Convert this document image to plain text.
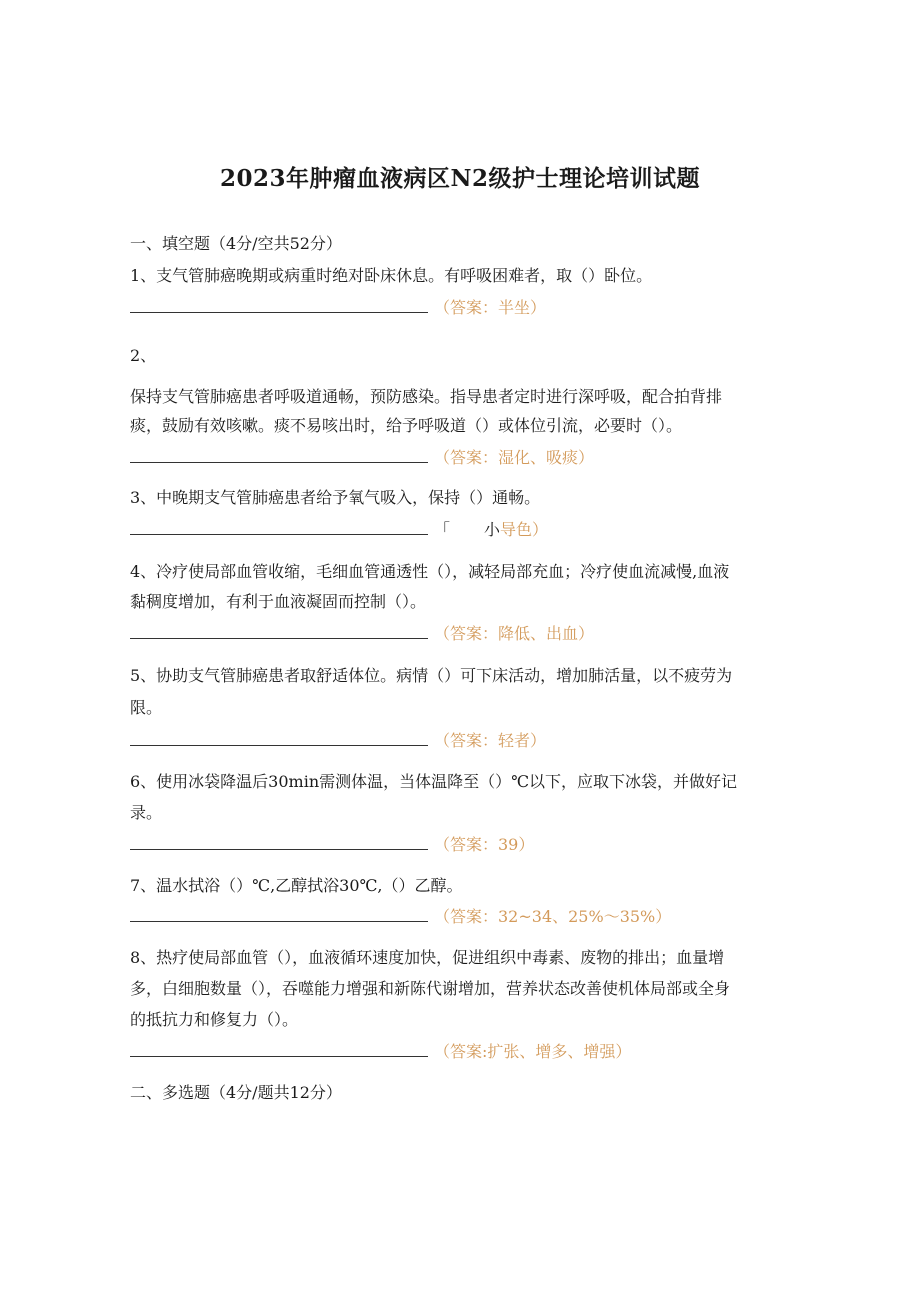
2023年肿瘤血液病区N2级护士理论培训试题
一、填空题（4分/空共52分）
1、支气管肺癌晚期或病重时绝对卧床休息。有呼吸困难者，取（）卧位。
（答案：半坐）
2、
保持支气管肺癌患者呼吸道通畅，预防感染。指导患者定时进行深呼吸，配合拍背排
痰，鼓励有效咳嗽。痰不易咳出时，给予呼吸道（）或体位引流，必要时（）。
（答案：湿化、吸痰）
3、中晚期支气管肺癌患者给予氧气吸入，保持（）通畅。
「 小导色）
4、冷疗使局部血管收缩，毛细血管通透性（），减轻局部充血；冷疗使血流减慢,血液
黏稠度增加，有利于血液凝固而控制（）。
（答案：降低、出血）
5、协助支气管肺癌患者取舒适体位。病情（）可下床活动，增加肺活量，以不疲劳为
限。
（答案：轻者）
6、使用冰袋降温后30min需测体温，当体温降至（）℃以下，应取下冰袋，并做好记
录。
（答案：39）
7、温水拭浴（）℃,乙醇拭浴30℃,（）乙醇。
（答案：32~34、25%～35%）
8、热疗使局部血管（），血液循环速度加快，促进组织中毒素、废物的排出；血量增
多，白细胞数量（），吞噬能力增强和新陈代谢增加，营养状态改善使机体局部或全身
的抵抗力和修复力（）。
（答案:扩张、增多、增强）
二、多选题（4分/题共12分）
